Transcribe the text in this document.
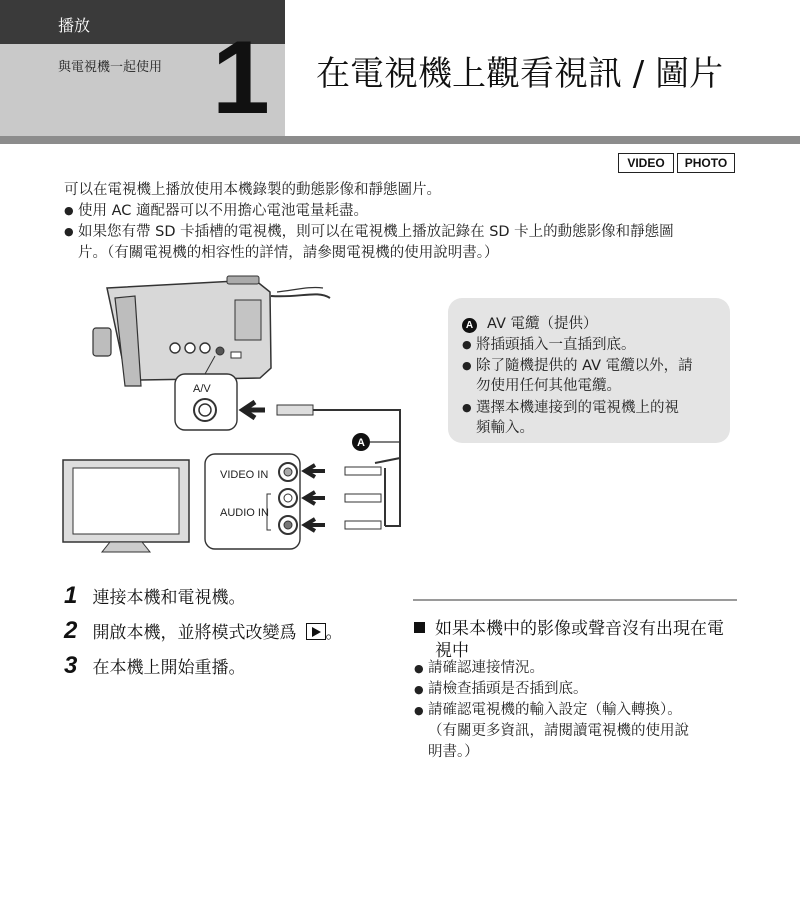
播放
與電視機一起使用 1 在電視機上觀看視訊 / 圖片
VIDEO	PHOTO
可以在電視機上播放使用本機錄製的動態影像和靜態圖片。
● 使用 AC 適配器可以不用擔心電池電量耗盡。
● 如果您有帶 SD 卡插槽的電視機，則可以在電視機上播放記錄在 SD 卡上的動態影像和靜態圖
片。（有關電視機的相容性的詳情，請參閱電視機的使用說明書。）
A/V
A
VIDEO IN
AUDIO IN
A AV 電纜（提供）
● 將插頭插入一直插到底。
● 除了隨機提供的 AV 電纜以外，請
勿使用任何其他電纜。
● 選擇本機連接到的電視機上的視
頻輸入。
1 連接本機和電視機。
2 開啟本機，並將模式改變爲 。
3 在本機上開始重播。
如果本機中的影像或聲音沒有出現在電
視中
● 請確認連接情況。
● 請檢查插頭是否插到底。
● 請確認電視機的輸入設定（輸入轉換）。
（有關更多資訊，請閱讀電視機的使用說
明書。）
